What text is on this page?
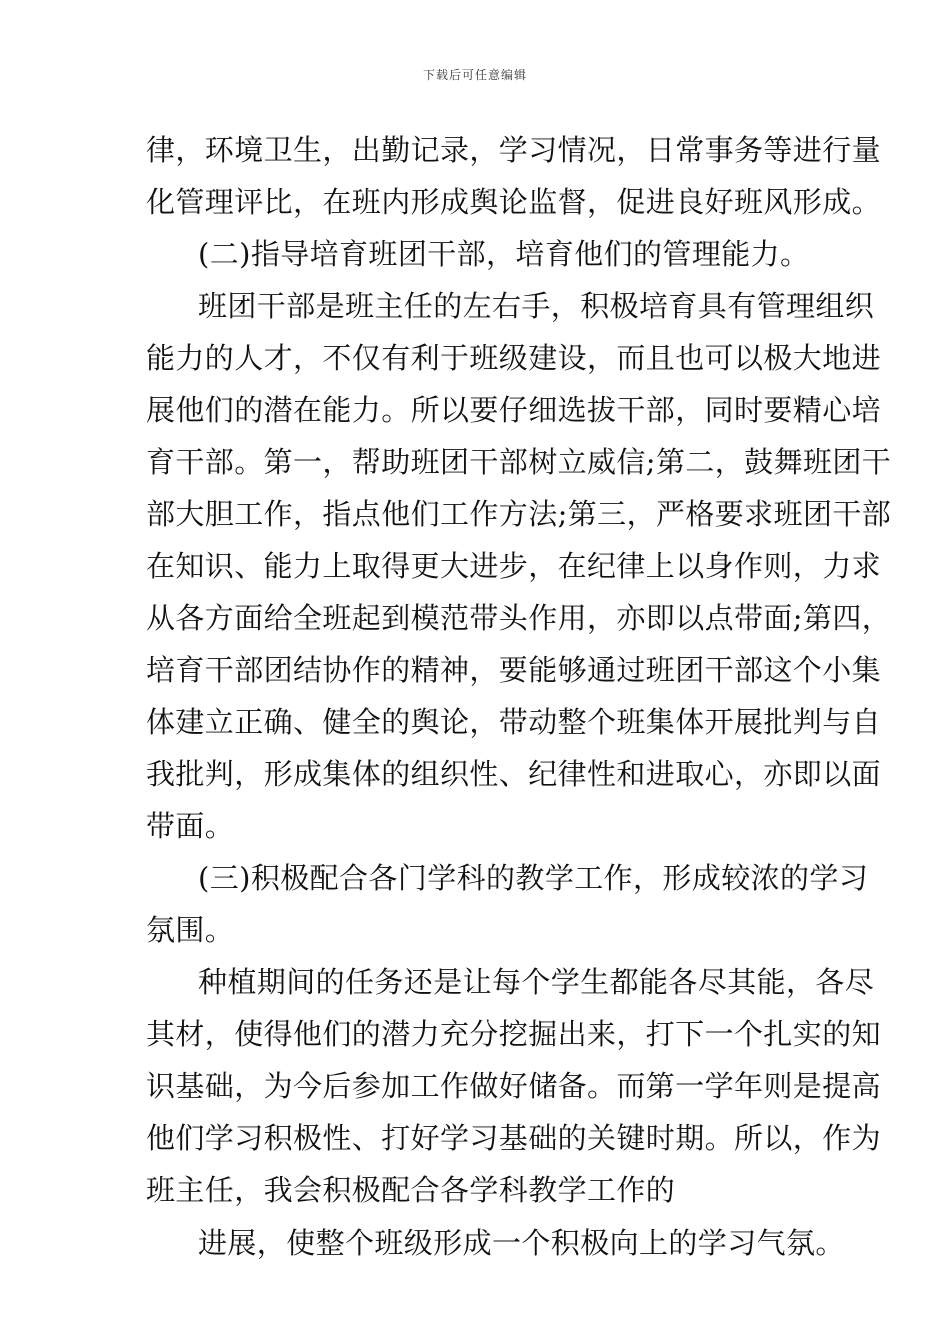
下载后可任意编辑
律，环境卫生，出勤记录，学习情况，日常事务等进行量
化管理评比，在班内形成舆论监督，促进良好班风形成。
(二)指导培育班团干部，培育他们的管理能力。
班团干部是班主任的左右手，积极培育具有管理组织
能力的人才，不仅有利于班级建设，而且也可以极大地进
展他们的潜在能力。所以要仔细选拔干部，同时要精心培
育干部。第一，帮助班团干部树立威信;第二，鼓舞班团干
部大胆工作，指点他们工作方法;第三，严格要求班团干部
在知识、能力上取得更大进步，在纪律上以身作则，力求
从各方面给全班起到模范带头作用，亦即以点带面;第四，
培育干部团结协作的精神，要能够通过班团干部这个小集
体建立正确、健全的舆论，带动整个班集体开展批判与自
我批判，形成集体的组织性、纪律性和进取心，亦即以面
带面。
(三)积极配合各门学科的教学工作，形成较浓的学习
氛围。
种植期间的任务还是让每个学生都能各尽其能，各尽
其材，使得他们的潜力充分挖掘出来，打下一个扎实的知
识基础，为今后参加工作做好储备。而第一学年则是提高
他们学习积极性、打好学习基础的关键时期。所以，作为
班主任，我会积极配合各学科教学工作的
进展，使整个班级形成一个积极向上的学习气氛。
